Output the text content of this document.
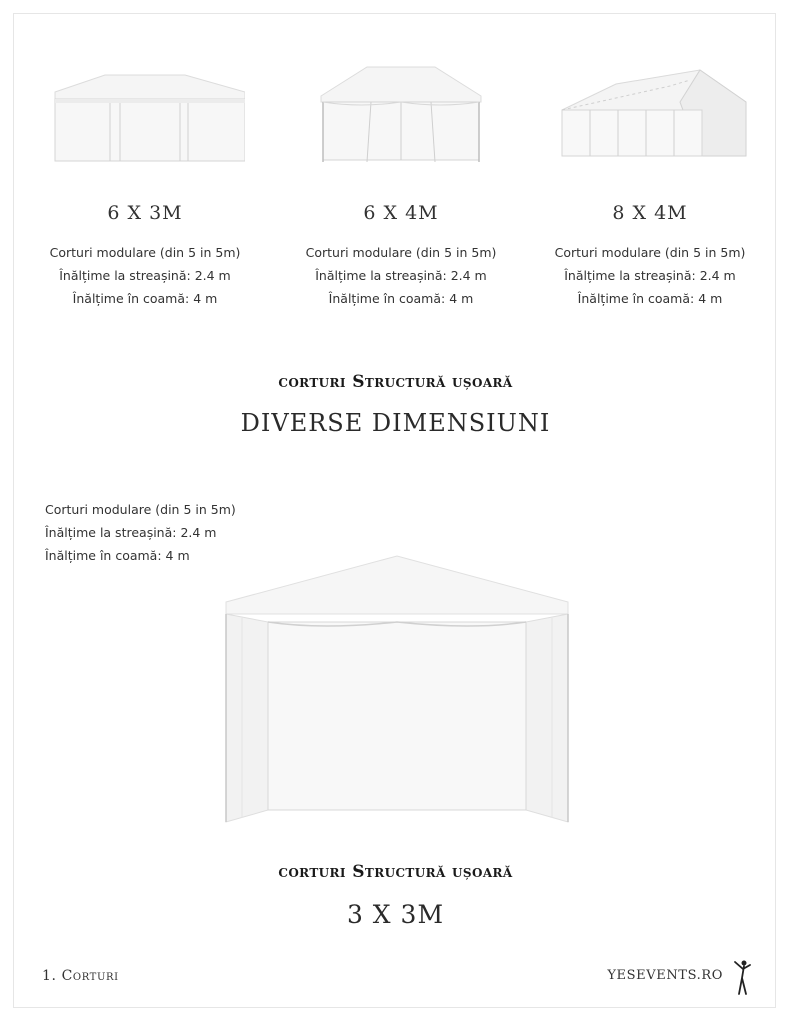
6 X 3M
Corturi modulare (din 5 in 5m)
Înălțime la streașină: 2.4 m
Înălțime în coamă: 4 m
6 X 4M
Corturi modulare (din 5 in 5m)
Înălțime la streașină: 2.4 m
Înălțime în coamă: 4 m
8 X 4M
Corturi modulare (din 5 in 5m)
Înălțime la streașină: 2.4 m
Înălțime în coamă: 4 m
corturi Structură ușoară
DIVERSE DIMENSIUNI
Corturi modulare (din 5 in 5m)
Înălțime la streașină: 2.4 m
Înălțime în coamă: 4 m
corturi Structură ușoară
3 X 3M
1. Corturi	YESEVENTS.RO
